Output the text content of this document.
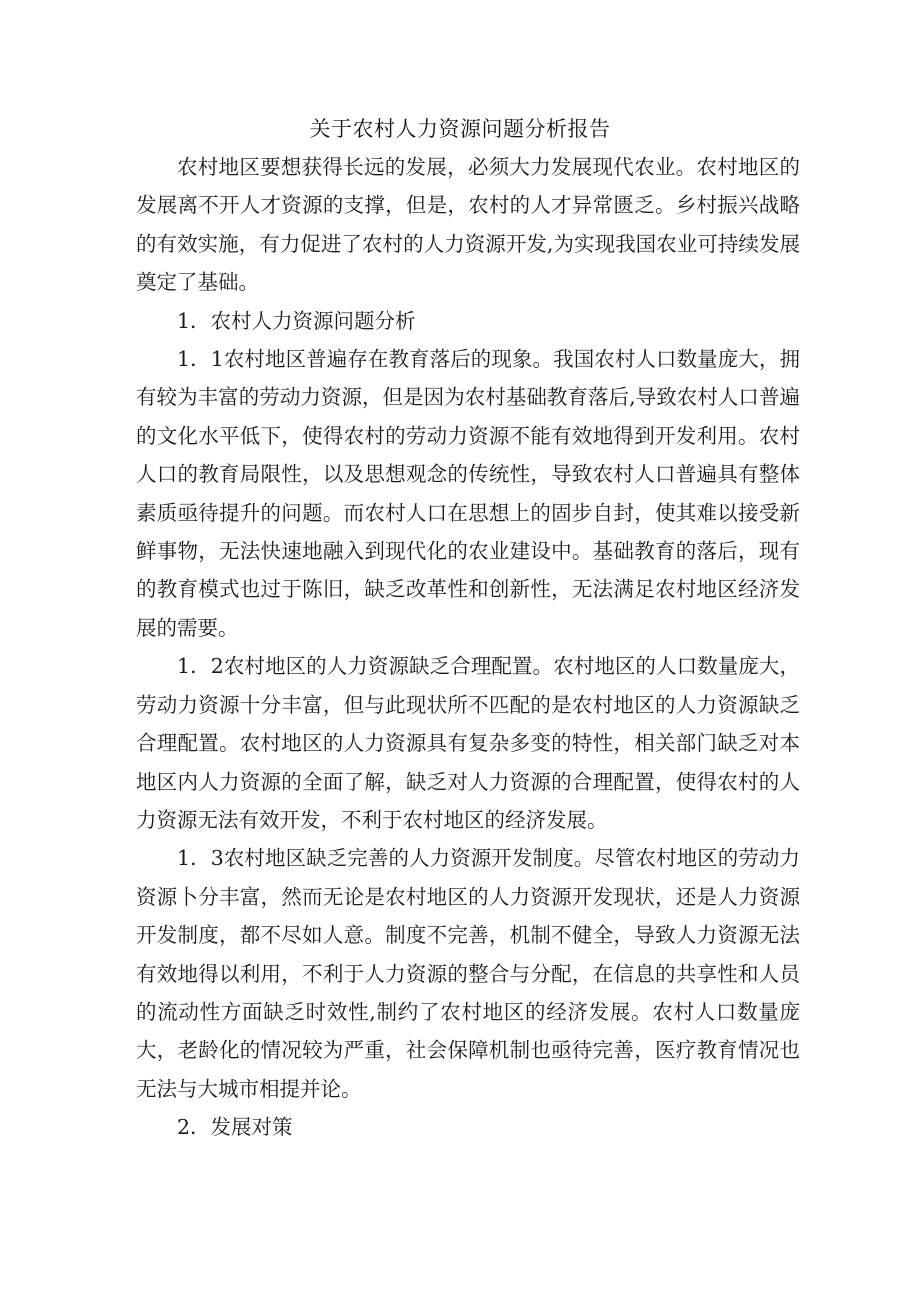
关于农村人力资源问题分析报告

农村地区要想获得长远的发展，必须大力发展现代农业。农村地区的发展离不开人才资源的支撑，但是，农村的人才异常匮乏。乡村振兴战略的有效实施，有力促进了农村的人力资源开发,为实现我国农业可持续发展奠定了基础。

1．农村人力资源问题分析

1．1农村地区普遍存在教育落后的现象。我国农村人口数量庞大，拥有较为丰富的劳动力资源，但是因为农村基础教育落后,导致农村人口普遍的文化水平低下，使得农村的劳动力资源不能有效地得到开发利用。农村人口的教育局限性，以及思想观念的传统性，导致农村人口普遍具有整体素质亟待提升的问题。而农村人口在思想上的固步自封，使其难以接受新鲜事物，无法快速地融入到现代化的农业建设中。基础教育的落后，现有的教育模式也过于陈旧，缺乏改革性和创新性，无法满足农村地区经济发展的需要。

1．2农村地区的人力资源缺乏合理配置。农村地区的人口数量庞大，劳动力资源十分丰富，但与此现状所不匹配的是农村地区的人力资源缺乏合理配置。农村地区的人力资源具有复杂多变的特性，相关部门缺乏对本地区内人力资源的全面了解，缺乏对人力资源的合理配置，使得农村的人力资源无法有效开发，不利于农村地区的经济发展。

1．3农村地区缺乏完善的人力资源开发制度。尽管农村地区的劳动力资源卜分丰富，然而无论是农村地区的人力资源开发现状，还是人力资源开发制度，都不尽如人意。制度不完善，机制不健全，导致人力资源无法有效地得以利用，不利于人力资源的整合与分配，在信息的共享性和人员的流动性方面缺乏时效性,制约了农村地区的经济发展。农村人口数量庞大，老龄化的情况较为严重，社会保障机制也亟待完善，医疗教育情况也无法与大城市相提并论。

2．发展对策
